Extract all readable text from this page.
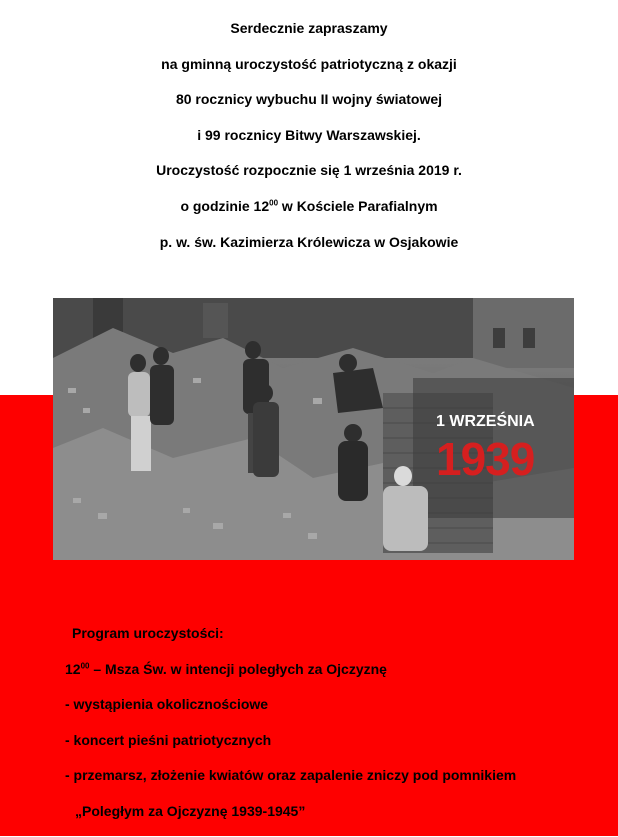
Serdecznie zapraszamy
na gminną uroczystość patriotyczną z okazji
80 rocznicy wybuchu II wojny światowej
i 99 rocznicy Bitwy Warszawskiej.
Uroczystość rozpocznie się 1 września 2019 r.
o godzinie $12^{00}$ w Kościele Parafialnym
p. w. św. Kazimierza Królewicza w Osjakowie
1 WRZEŚNIA
1939
Program uroczystości:
$12^{00}$ – Msza Św. w intencji poległych za Ojczyznę
- wystąpienia okolicznościowe
- koncert pieśni patriotycznych
- przemarsz, złożenie kwiatów oraz zapalenie zniczy pod pomnikiem
„Poległym za Ojczyznę 1939-1945”
